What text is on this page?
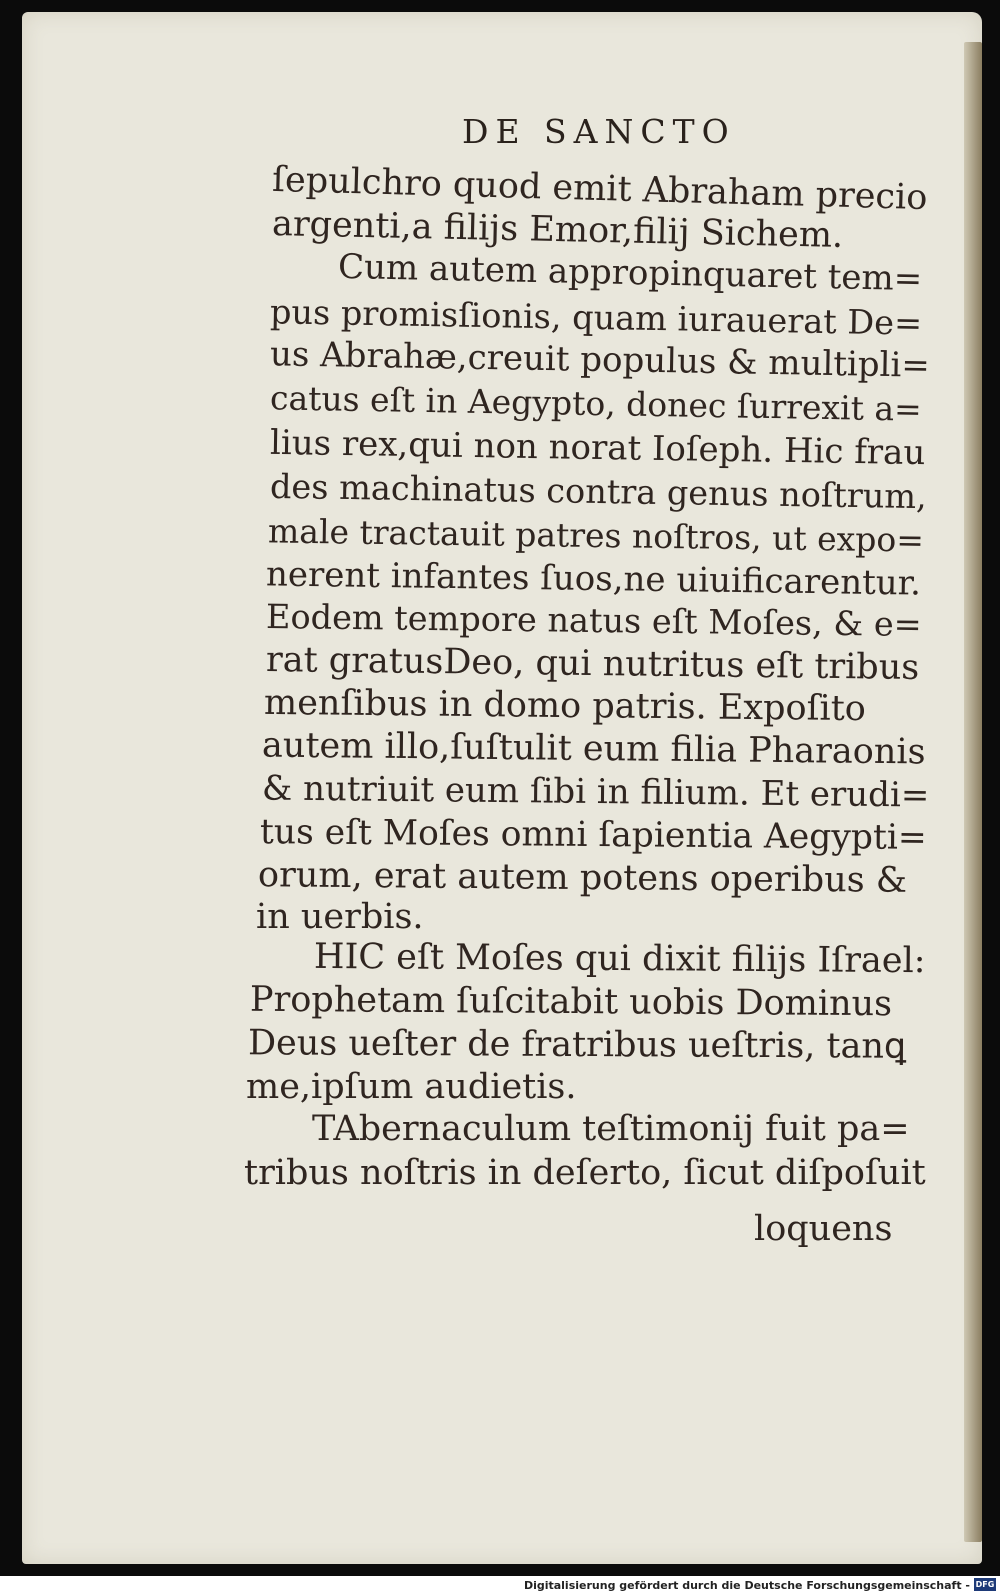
DE SANCTO
ſepulchro quod emit Abraham precio
argenti,a filijs Emor,filij Sichem.
Cum autem appropinquaret tem=
pus promisſionis, quam iurauerat De=
us Abrahæ,creuit populus & multipli=
catus eſt in Aegypto, donec ſurrexit a=
lius rex,qui non norat Ioſeph. Hic frau
des machinatus contra genus noſtrum,
male tractauit patres noſtros, ut expo=
nerent infantes ſuos,ne uiuificarentur.
Eodem tempore natus eſt Moſes, & e=
rat gratusDeo, qui nutritus eſt tribus
menſibus in domo patris. Expoſito
autem illo,ſuſtulit eum filia Pharaonis
& nutriuit eum ſibi in filium. Et erudi=
tus eſt Moſes omni ſapientia Aegypti=
orum, erat autem potens operibus &
in uerbis.
HIC eſt Moſes qui dixit filijs Iſrael:
Prophetam ſuſcitabit uobis Dominus
Deus ueſter de fratribus ueſtris, tanꝗ
me,ipſum audietis.
TAbernaculum teſtimonij fuit pa=
tribus noſtris in deſerto, ſicut diſpoſuit
loquens
Digitalisierung gefördert durch die Deutsche Forschungsgemeinschaft - DFG
